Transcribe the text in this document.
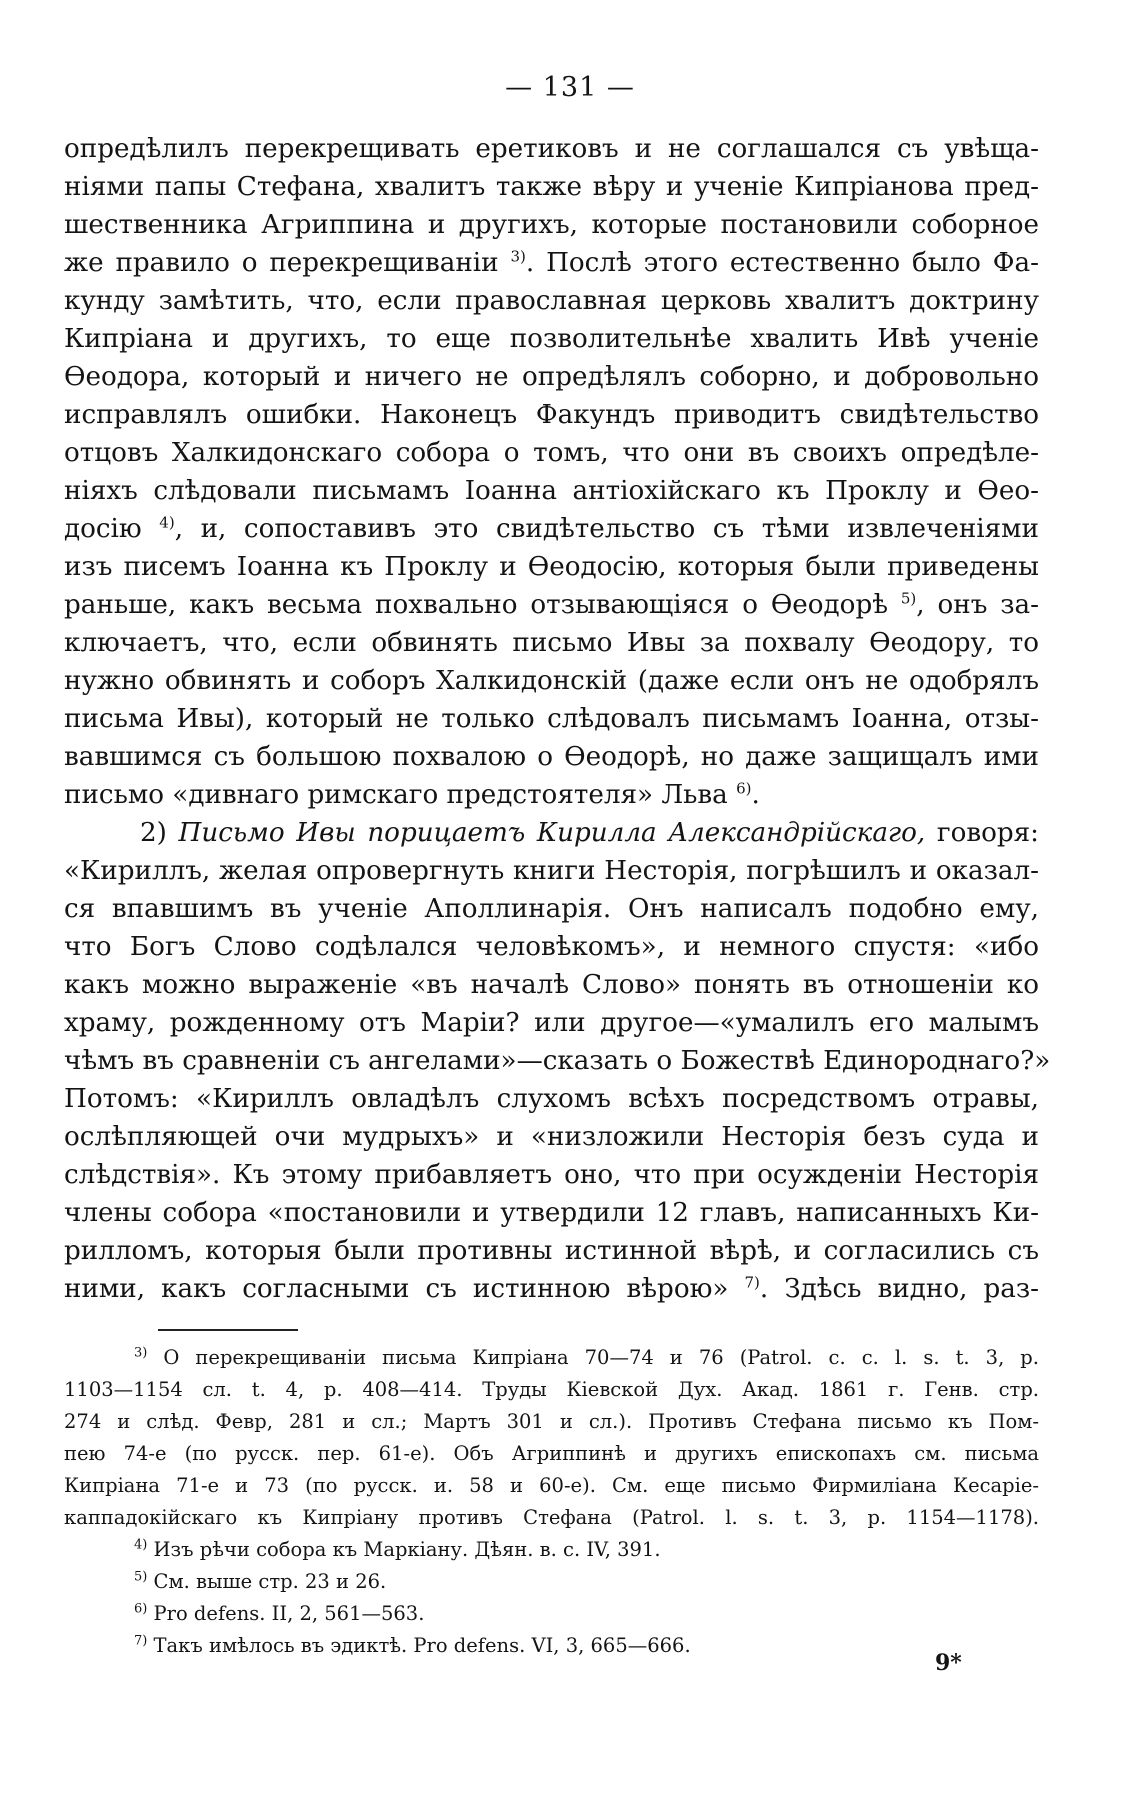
— 131 —
опредѣлилъ перекрещивать еретиковъ и не соглашался съ увѣща-
ніями папы Стефана, хвалитъ также вѣру и ученіе Кипріанова пред-
шественника Агриппина и другихъ, которые постановили соборное
же правило о перекрещиваніи $^{3)}$. Послѣ этого естественно было Фа-
кунду замѣтить, что, если православная церковь хвалитъ доктрину
Кипріана и другихъ, то еще позволительнѣе хвалить Ивѣ ученіе
Ѳеодора, который и ничего не опредѣлялъ соборно, и добровольно
исправлялъ ошибки. Наконецъ Факундъ приводитъ свидѣтельство
отцовъ Халкидонскаго собора о томъ, что они въ своихъ опредѣле-
ніяхъ слѣдовали письмамъ Іоанна антіохійскаго къ Проклу и Ѳео-
досію $^{4)}$, и, сопоставивъ это свидѣтельство съ тѣми извлеченіями
изъ писемъ Іоанна къ Проклу и Ѳеодосію, которыя были приведены
раньше, какъ весьма похвально отзывающіяся о Ѳеодорѣ $^{5)}$, онъ за-
ключаетъ, что, если обвинять письмо Ивы за похвалу Ѳеодору, то
нужно обвинять и соборъ Халкидонскій (даже если онъ не одобрялъ
письма Ивы), который не только слѣдовалъ письмамъ Іоанна, отзы-
вавшимся съ большою похвалою о Ѳеодорѣ, но даже защищалъ ими
письмо «дивнаго римскаго предстоятеля» Льва $^{6)}$.
2) Письмо Ивы порицаетъ Кирилла Александрійскаго, говоря:
«Кириллъ, желая опровергнуть книги Несторія, погрѣшилъ и оказал-
ся впавшимъ въ ученіе Аполлинарія. Онъ написалъ подобно ему,
что Богъ Слово содѣлался человѣкомъ», и немного спустя: «ибо
какъ можно выраженіе «въ началѣ Слово» понять въ отношеніи ко
храму, рожденному отъ Маріи? или другое—«умалилъ его малымъ
чѣмъ въ сравненіи съ ангелами»—сказать о Божествѣ Единороднаго?»
Потомъ: «Кириллъ овладѣлъ слухомъ всѣхъ посредствомъ отравы,
ослѣпляющей очи мудрыхъ» и «низложили Несторія безъ суда и
слѣдствія». Къ этому прибавляетъ оно, что при осужденіи Несторія
члены собора «постановили и утвердили 12 главъ, написанныхъ Ки-
рилломъ, которыя были противны истинной вѣрѣ, и согласились съ
ними, какъ согласными съ истинною вѣрою» $^{7)}$. Здѣсь видно, раз-
$^{3)}$ О перекрещиваніи письма Кипріана 70—74 и 76 (Patrol. c. c. l. s. t. 3, p.
1103—1154 сл. t. 4, p. 408—414. Труды Кіевской Дух. Акад. 1861 г. Генв. стр.
274 и слѣд. Февр, 281 и сл.; Мартъ 301 и сл.). Противъ Стефана письмо къ Пом-
пею 74-е (по русск. пер. 61-е). Объ Агриппинѣ и другихъ епископахъ см. письма
Кипріана 71-е и 73 (по русск. и. 58 и 60-е). См. еще письмо Фирмиліана Кесаріе-
каппадокійскаго къ Кипріану противъ Стефана (Patrol. l. s. t. 3, p. 1154—1178).
$^{4)}$ Изъ рѣчи собора къ Маркіану. Дѣян. в. с. IV, 391.
$^{5)}$ См. выше стр. 23 и 26.
$^{6)}$ Pro defens. II, 2, 561—563.
$^{7)}$ Такъ имѣлось въ эдиктѣ. Pro defens. VI, 3, 665—666.
9*
